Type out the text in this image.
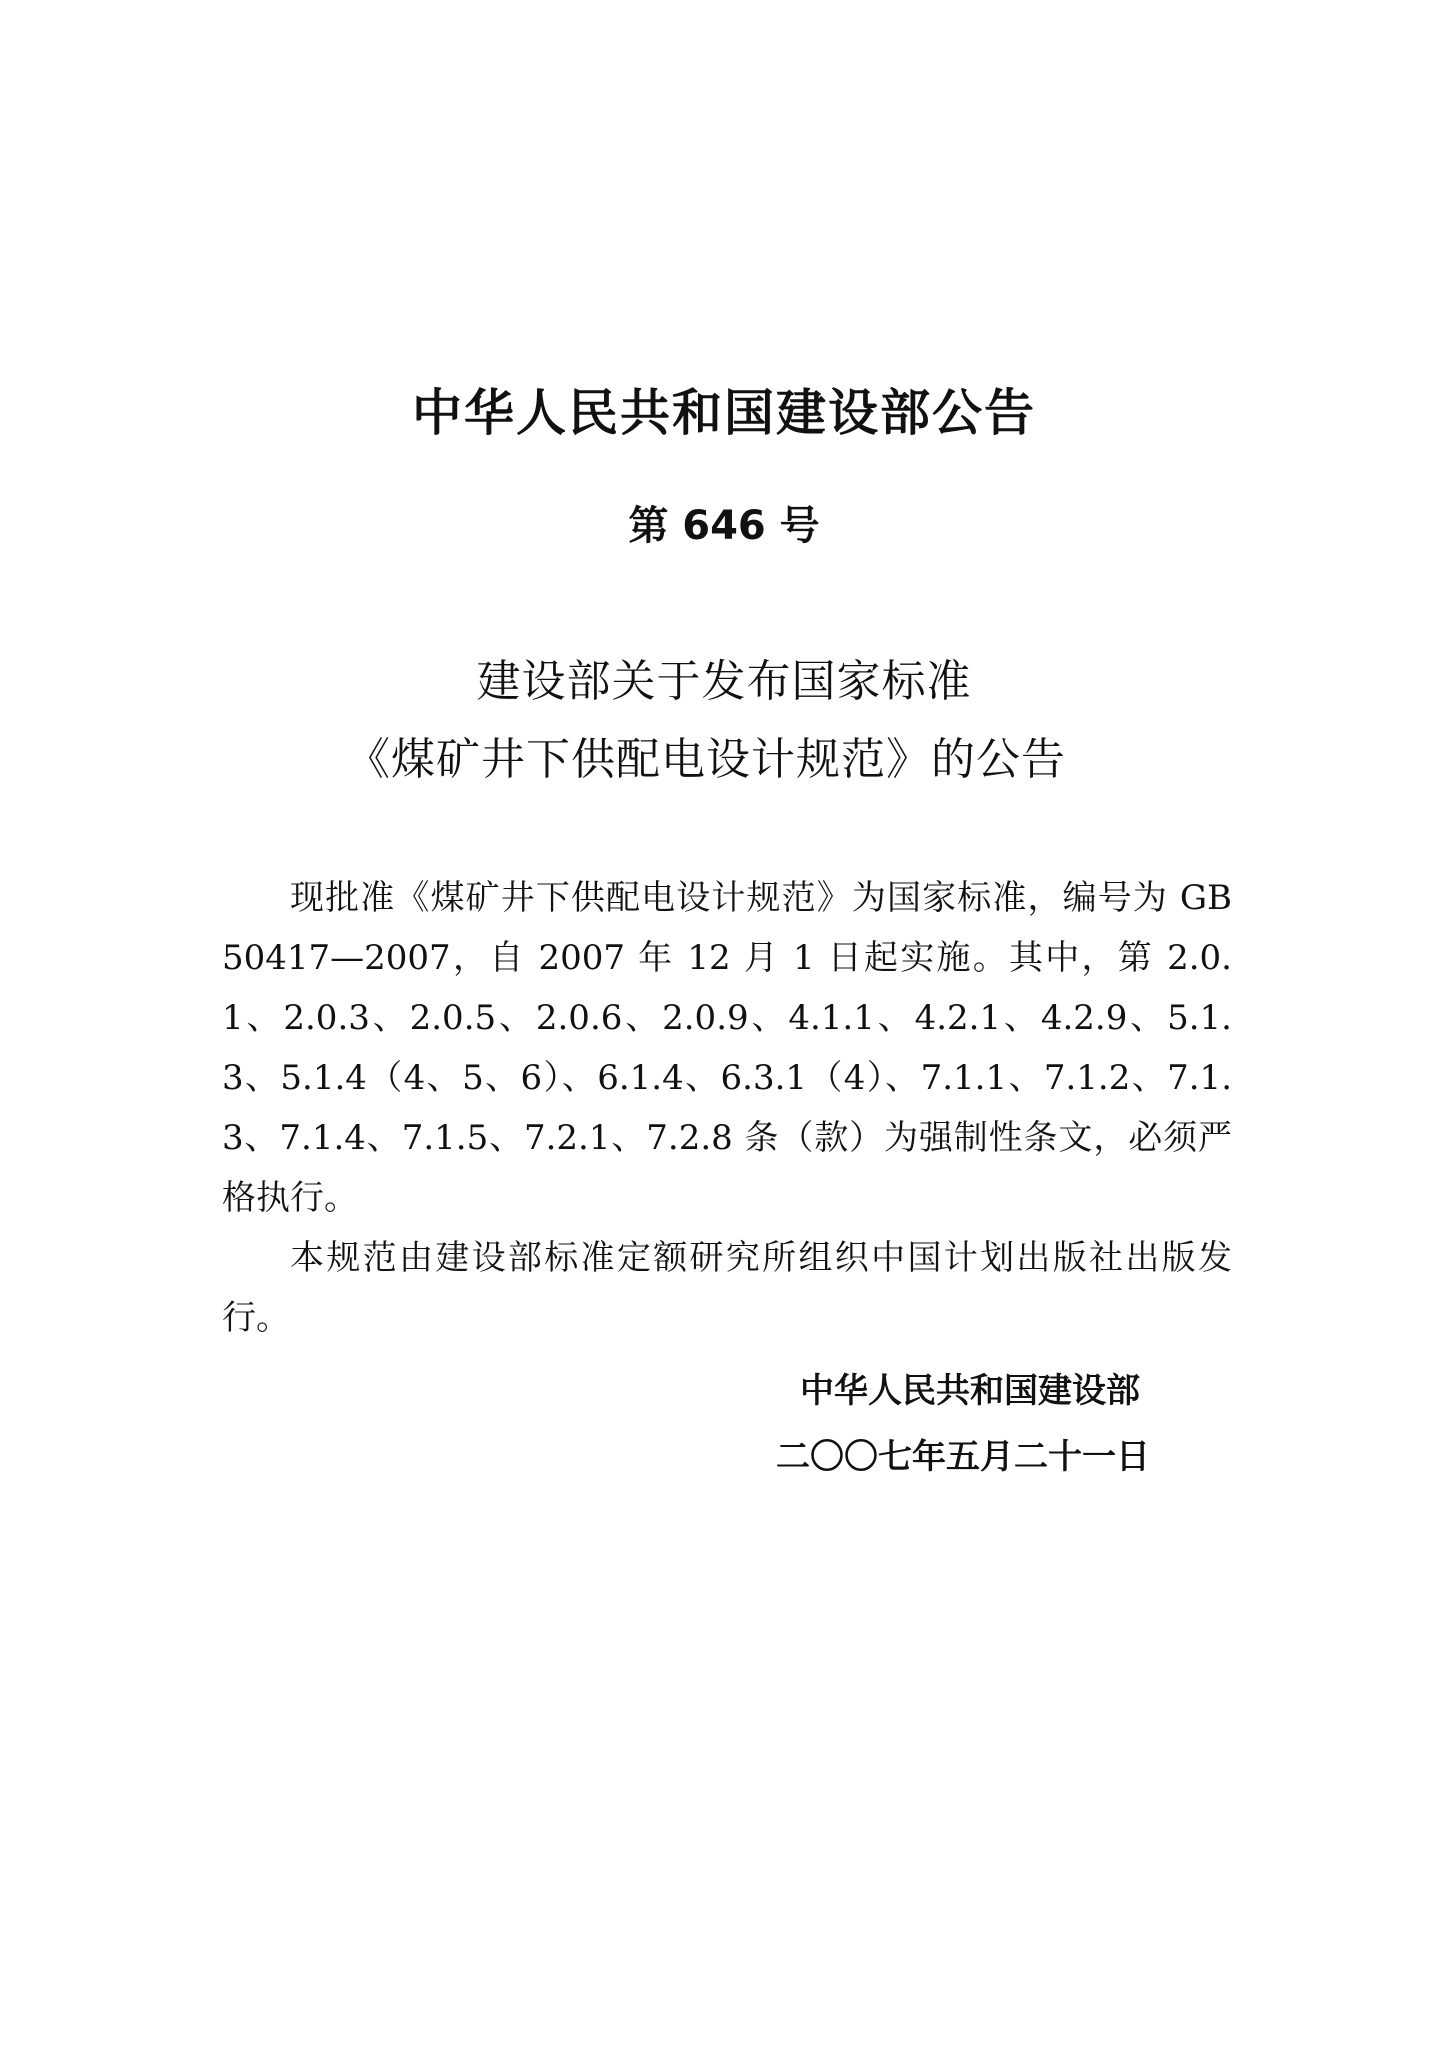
中华人民共和国建设部公告
第 646 号
建设部关于发布国家标准
《煤矿井下供配电设计规范》的公告

现批准《煤矿井下供配电设计规范》为国家标准，编号为 GB 50417—2007，自 2007 年 12 月 1 日起实施。其中，第 2.0.1、2.0.3、2.0.5、2.0.6、2.0.9、4.1.1、4.2.1、4.2.9、5.1.3、5.1.4（4、5、6）、6.1.4、6.3.1（4）、7.1.1、7.1.2、7.1.3、7.1.4、7.1.5、7.2.1、7.2.8 条（款）为强制性条文，必须严格执行。

本规范由建设部标准定额研究所组织中国计划出版社出版发行。

中华人民共和国建设部
二〇〇七年五月二十一日
